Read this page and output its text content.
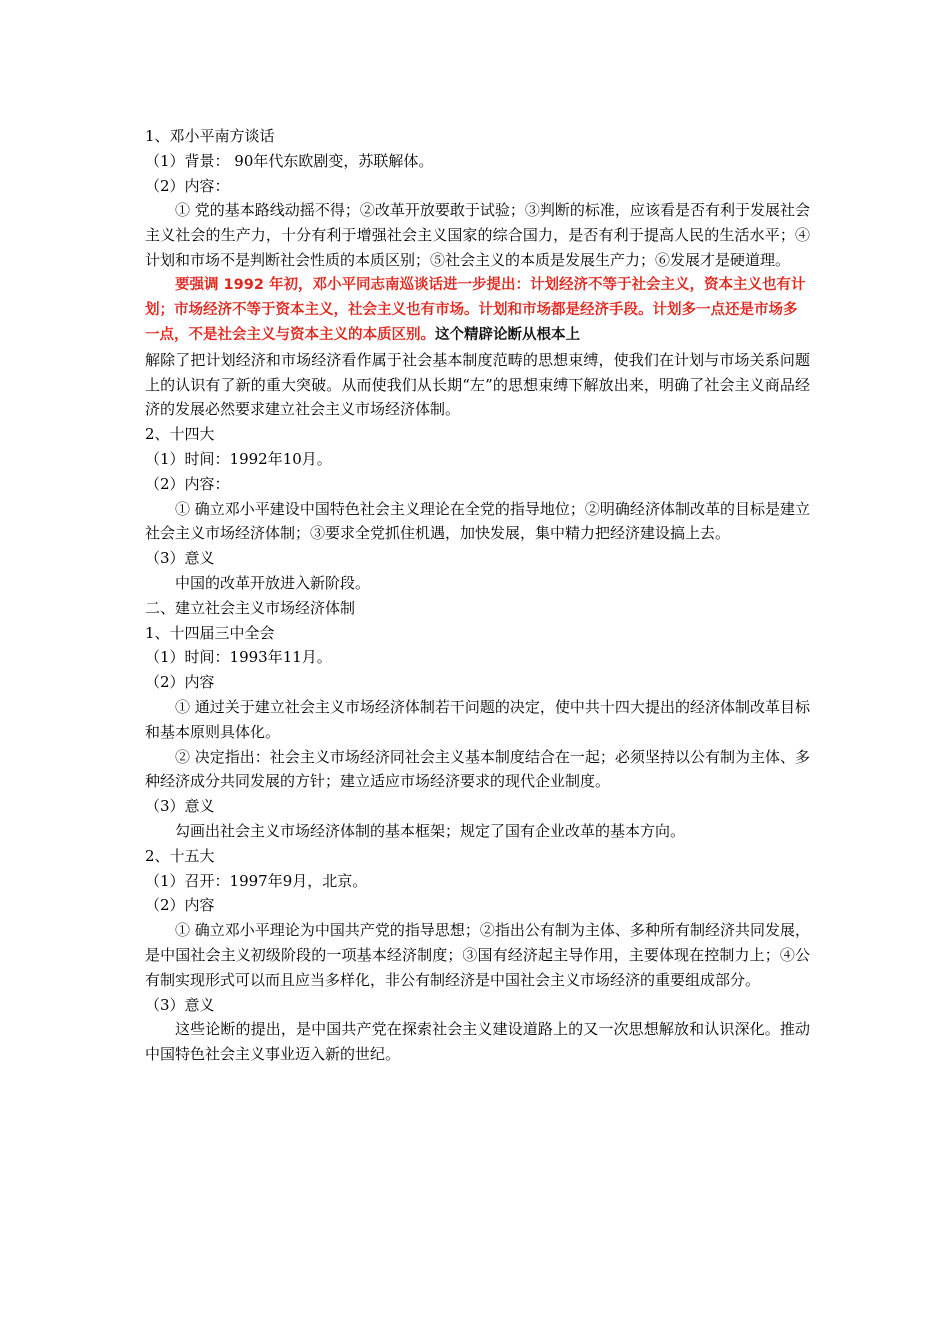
1、邓小平南方谈话

（1）背景： 90年代东欧剧变，苏联解体。

（2）内容：

① 党的基本路线动摇不得；②改革开放要敢于试验；③判断的标准，应该看是否有利于发展社会主义社会的生产力，十分有利于增强社会主义国家的综合国力，是否有利于提高人民的生活水平；④计划和市场不是判断社会性质的本质区别；⑤社会主义的本质是发展生产力；⑥发展才是硬道理。

要强调 1992 年初，邓小平同志南巡谈话进一步提出：计划经济不等于社会主义，资本主义也有计划；市场经济不等于资本主义，社会主义也有市场。计划和市场都是经济手段。计划多一点还是市场多一点，不是社会主义与资本主义的本质区别。这个精辟论断从根本上

解除了把计划经济和市场经济看作属于社会基本制度范畴的思想束缚，使我们在计划与市场关系问题上的认识有了新的重大突破。从而使我们从长期“左”的思想束缚下解放出来，明确了社会主义商品经济的发展必然要求建立社会主义市场经济体制。

2、十四大

（1）时间：1992年10月。

（2）内容：

① 确立邓小平建设中国特色社会主义理论在全党的指导地位；②明确经济体制改革的目标是建立社会主义市场经济体制；③要求全党抓住机遇，加快发展，集中精力把经济建设搞上去。

（3）意义

中国的改革开放进入新阶段。

二、建立社会主义市场经济体制

1、十四届三中全会

（1）时间：1993年11月。

（2）内容

① 通过关于建立社会主义市场经济体制若干问题的决定，使中共十四大提出的经济体制改革目标和基本原则具体化。

② 决定指出：社会主义市场经济同社会主义基本制度结合在一起；必须坚持以公有制为主体、多种经济成分共同发展的方针；建立适应市场经济要求的现代企业制度。

（3）意义

勾画出社会主义市场经济体制的基本框架；规定了国有企业改革的基本方向。

2、十五大

（1）召开：1997年9月，北京。

（2）内容

① 确立邓小平理论为中国共产党的指导思想；②指出公有制为主体、多种所有制经济共同发展，是中国社会主义初级阶段的一项基本经济制度；③国有经济起主导作用，主要体现在控制力上；④公有制实现形式可以而且应当多样化，非公有制经济是中国社会主义市场经济的重要组成部分。

（3）意义

这些论断的提出，是中国共产党在探索社会主义建设道路上的又一次思想解放和认识深化。推动中国特色社会主义事业迈入新的世纪。
